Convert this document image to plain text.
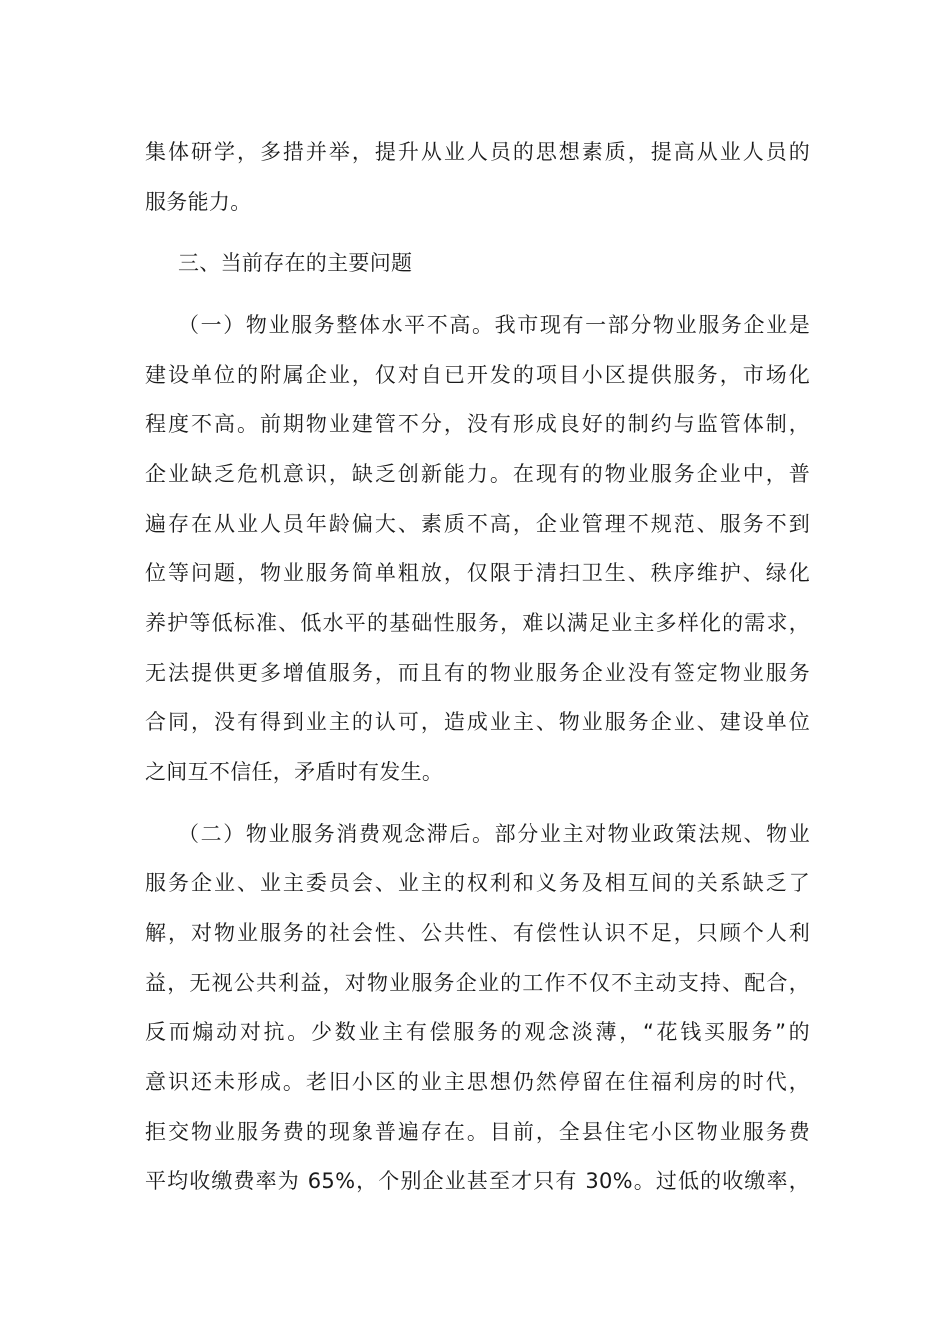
集体研学，多措并举，提升从业人员的思想素质，提高从业人员的
服务能力。
三、当前存在的主要问题
（一）物业服务整体水平不高。我市现有一部分物业服务企业是
建设单位的附属企业，仅对自已开发的项目小区提供服务，市场化
程度不高。前期物业建管不分，没有形成良好的制约与监管体制，
企业缺乏危机意识，缺乏创新能力。在现有的物业服务企业中，普
遍存在从业人员年龄偏大、素质不高，企业管理不规范、服务不到
位等问题，物业服务简单粗放，仅限于清扫卫生、秩序维护、绿化
养护等低标准、低水平的基础性服务，难以满足业主多样化的需求，
无法提供更多增值服务，而且有的物业服务企业没有签定物业服务
合同，没有得到业主的认可，造成业主、物业服务企业、建设单位
之间互不信任，矛盾时有发生。
（二）物业服务消费观念滞后。部分业主对物业政策法规、物业
服务企业、业主委员会、业主的权利和义务及相互间的关系缺乏了
解，对物业服务的社会性、公共性、有偿性认识不足，只顾个人利
益，无视公共利益，对物业服务企业的工作不仅不主动支持、配合，
反而煽动对抗。少数业主有偿服务的观念淡薄，“花钱买服务”的
意识还未形成。老旧小区的业主思想仍然停留在住福利房的时代，
拒交物业服务费的现象普遍存在。目前，全县住宅小区物业服务费
平均收缴费率为 65%，个别企业甚至才只有 30%。过低的收缴率，
